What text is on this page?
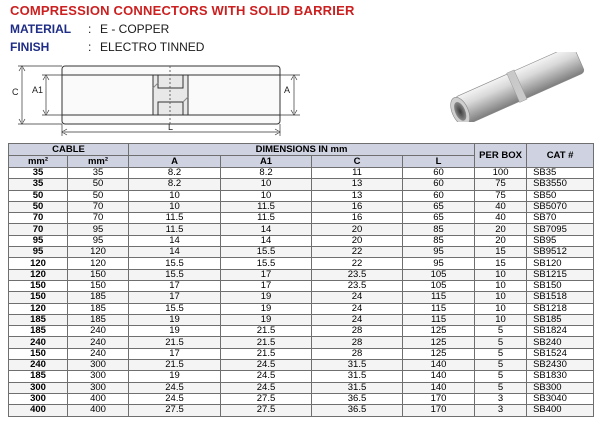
COMPRESSION CONNECTORS WITH SOLID BARRIER
MATERIAL : E - COPPER
FINISH	: ELECTRO TINNED
C A1	A
L
CABLE		DIMENSIONS IN mm				PER BOX	CAT #
mm²	mm²	A	A1	C	L		
35	35	8.2	8.2	11	60	100	SB35
35	50	8.2	10	13	60	75	SB3550
50	50	10	10	13	60	75	SB50
50	70	10	11.5	16	65	40	SB5070
70	70	11.5	11.5	16	65	40	SB70
70	95	11.5	14	20	85	20	SB7095
95	95	14	14	20	85	20	SB95
95	120	14	15.5	22	95	15	SB9512
120	120	15.5	15.5	22	95	15	SB120
120	150	15.5	17	23.5	105	10	SB1215
150	150	17	17	23.5	105	10	SB150
150	185	17	19	24	115	10	SB1518
120	185	15.5	19	24	115	10	SB1218
185	185	19	19	24	115	10	SB185
185	240	19	21.5	28	125	5	SB1824
240	240	21.5	21.5	28	125	5	SB240
150	240	17	21.5	28	125	5	SB1524
240	300	21.5	24.5	31.5	140	5	SB2430
185	300	19	24.5	31.5	140	5	SB1830
300	300	24.5	24.5	31.5	140	5	SB300
300	400	24.5	27.5	36.5	170	3	SB3040
400	400	27.5	27.5	36.5	170	3	SB400
